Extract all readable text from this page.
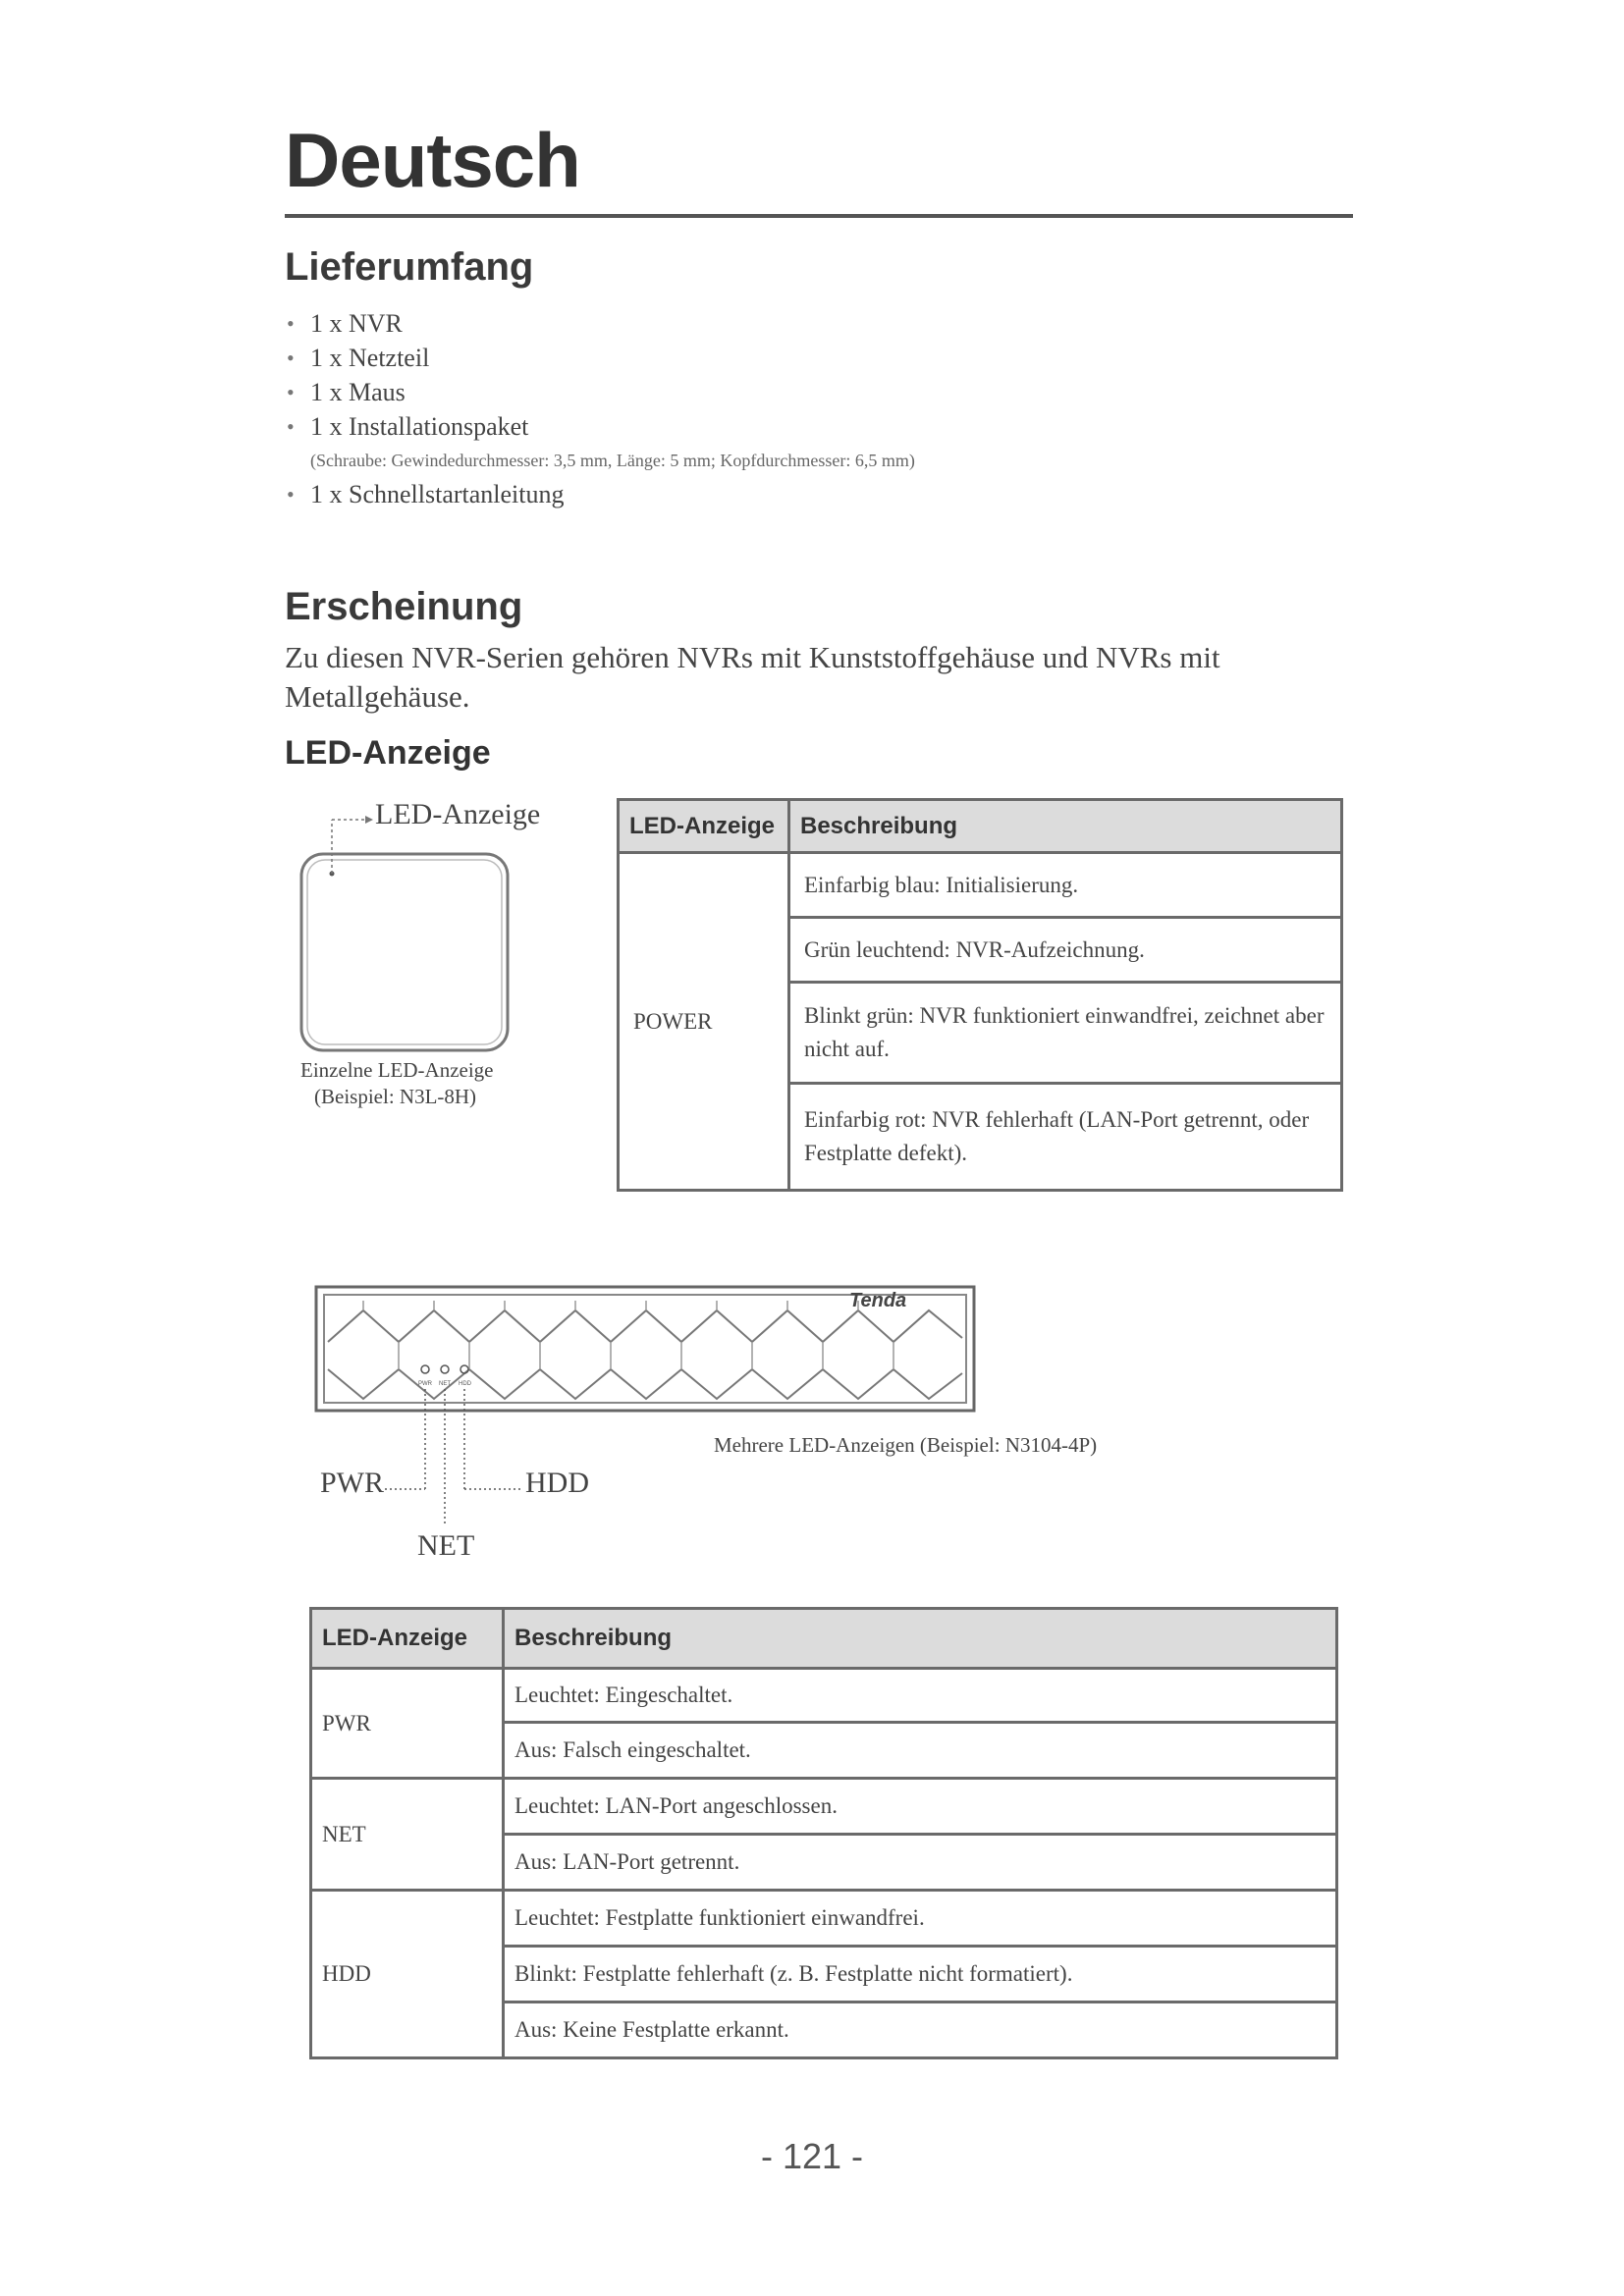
Deutsch
Lieferumfang
• 1 x NVR
• 1 x Netzteil
• 1 x Maus
• 1 x Installationspaket
(Schraube: Gewindedurchmesser: 3,5 mm, Länge: 5 mm; Kopfdurchmesser: 6,5 mm)
• 1 x Schnellstartanleitung
Erscheinung
Zu diesen NVR-Serien gehören NVRs mit Kunststoffgehäuse und NVRs mit Metallgehäuse.
LED-Anzeige
LED-Anzeige
Einzelne LED-Anzeige
(Beispiel: N3L-8H)
LED-Anzeige	Beschreibung
POWER	Einfarbig blau: Initialisierung.
	Grün leuchtend: NVR-Aufzeichnung.
	Blinkt grün: NVR funktioniert einwandfrei, zeichnet aber nicht auf.
	Einfarbig rot: NVR fehlerhaft (LAN-Port getrennt, oder Festplatte defekt).
PWR NET HDD
Tenda
PWR	HDD
NET
Mehrere LED-Anzeigen (Beispiel: N3104-4P)
LED-Anzeige	Beschreibung
PWR	Leuchtet: Eingeschaltet.
	Aus: Falsch eingeschaltet.
NET	Leuchtet: LAN-Port angeschlossen.
	Aus: LAN-Port getrennt.
HDD	Leuchtet: Festplatte funktioniert einwandfrei.
	Blinkt: Festplatte fehlerhaft (z. B. Festplatte nicht formatiert).
	Aus: Keine Festplatte erkannt.
- 121 -
